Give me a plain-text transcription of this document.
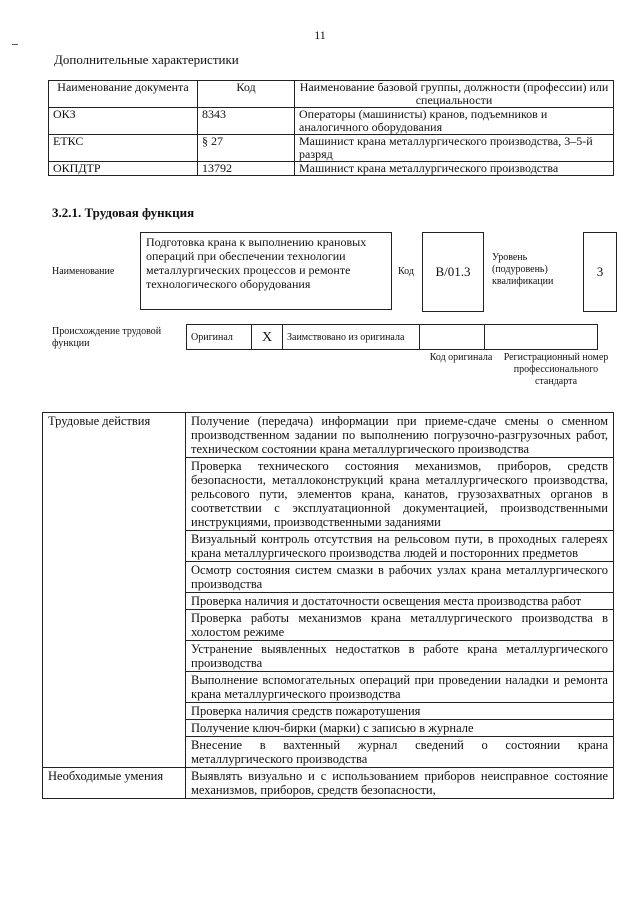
11
Дополнительные характеристики
Наименование документа	Код	Наименование базовой группы, должности (профессии) или специальности
ОКЗ	8343	Операторы (машинисты) кранов, подъемников и аналогичного оборудования
ЕТКС	§ 27	Машинист крана металлургического производства, 3–5-й разряд
ОКПДТР	13792	Машинист крана металлургического производства
3.2.1. Трудовая функция
Наименование
Подготовка крана к выполнению крановых операций при обеспечении технологии металлургических процессов и ремонте технологического оборудования
Код	B/01.3
Уровень (подуровень) квалификации
3
Происхождение трудовой функции
Оригинал	X	Заимствовано из оригинала		
Код оригинала	Регистрационный номер профессионального стандарта
Трудовые действия	Получение (передача) информации при приеме-сдаче смены о сменном производственном задании по выполнению погрузочно-разгрузочных работ, техническом состоянии крана металлургического производства
	Проверка технического состояния механизмов, приборов, средств безопасности, металлоконструкций крана металлургического производства, рельсового пути, элементов крана, канатов, грузозахватных органов в соответствии с эксплуатационной документацией, производственными инструкциями, производственными заданиями
	Визуальный контроль отсутствия на рельсовом пути, в проходных галереях крана металлургического производства людей и посторонних предметов
	Осмотр состояния систем смазки в рабочих узлах крана металлургического производства
	Проверка наличия и достаточности освещения места производства работ
	Проверка работы механизмов крана металлургического производства в холостом режиме
	Устранение выявленных недостатков в работе крана металлургического производства
	Выполнение вспомогательных операций при проведении наладки и ремонта крана металлургического производства
	Проверка наличия средств пожаротушения
	Получение ключ-бирки (марки) с записью в журнале
	Внесение в вахтенный журнал сведений о состоянии крана металлургического производства
Необходимые умения	Выявлять визуально и с использованием приборов неисправное состояние механизмов, приборов, средств безопасности,
